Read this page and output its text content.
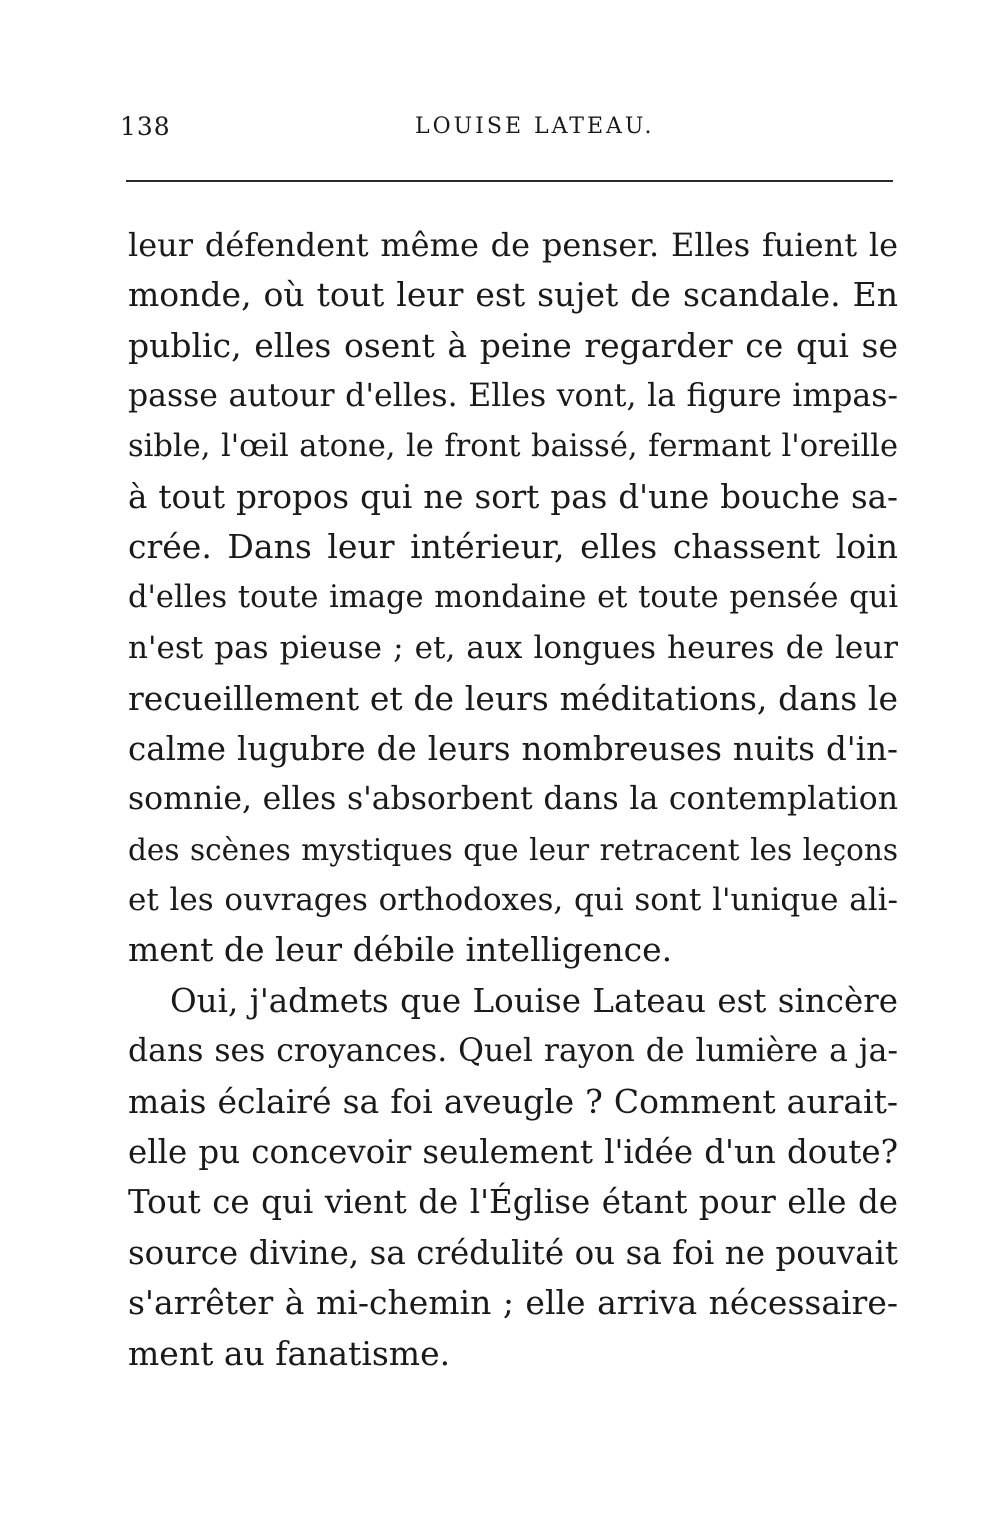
138	LOUISE LATEAU.
leur défendent même de penser. Elles fuient le
monde, où tout leur est sujet de scandale. En
public, elles osent à peine regarder ce qui se
passe autour d'elles. Elles vont, la figure impas-
sible, l'œil atone, le front baissé, fermant l'oreille
à tout propos qui ne sort pas d'une bouche sa-
crée. Dans leur intérieur, elles chassent loin
d'elles toute image mondaine et toute pensée qui
n'est pas pieuse ; et, aux longues heures de leur
recueillement et de leurs méditations, dans le
calme lugubre de leurs nombreuses nuits d'in-
somnie, elles s'absorbent dans la contemplation
des scènes mystiques que leur retracent les leçons
et les ouvrages orthodoxes, qui sont l'unique ali-
ment de leur débile intelligence.
Oui, j'admets que Louise Lateau est sincère
dans ses croyances. Quel rayon de lumière a ja-
mais éclairé sa foi aveugle ? Comment aurait-
elle pu concevoir seulement l'idée d'un doute?
Tout ce qui vient de l'Église étant pour elle de
source divine, sa crédulité ou sa foi ne pouvait
s'arrêter à mi-chemin ; elle arriva nécessaire-
ment au fanatisme.
